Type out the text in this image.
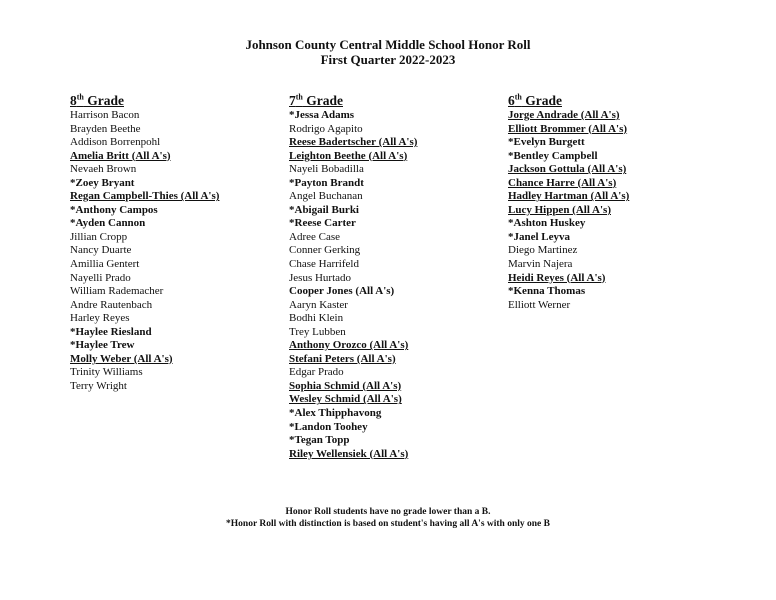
Johnson County Central Middle School Honor Roll
First Quarter 2022-2023
8th Grade
Harrison Bacon
Brayden Beethe
Addison Borrenpohl
Amelia Britt (All A's)
Nevaeh Brown
*Zoey Bryant
Regan Campbell-Thies (All A's)
*Anthony Campos
*Ayden Cannon
Jillian Cropp
Nancy Duarte
Amillia Gentert
Nayelli Prado
William Rademacher
Andre Rautenbach
Harley Reyes
*Haylee Riesland
*Haylee Trew
Molly Weber (All A's)
Trinity Williams
Terry Wright
7th Grade
*Jessa Adams
Rodrigo Agapito
Reese Badertscher (All A's)
Leighton Beethe (All A's)
Nayeli Bobadilla
*Payton Brandt
Angel Buchanan
*Abigail Burki
*Reese Carter
Adree Case
Conner Gerking
Chase Harrifeld
Jesus Hurtado
Cooper Jones (All A's)
Aaryn Kaster
Bodhi Klein
Trey Lubben
Anthony Orozco (All A's)
Stefani Peters (All A's)
Edgar Prado
Sophia Schmid (All A's)
Wesley Schmid (All A's)
*Alex Thipphavong
*Landon Toohey
*Tegan Topp
Riley Wellensiek (All A's)
6th Grade
Jorge Andrade (All A's)
Elliott Brommer (All A's)
*Evelyn Burgett
*Bentley Campbell
Jackson Gottula (All A's)
Chance Harre (All A's)
Hadley Hartman (All A's)
Lucy Hippen (All A's)
*Ashton Huskey
*Janel Leyva
Diego Martinez
Marvin Najera
Heidi Reyes (All A's)
*Kenna Thomas
Elliott Werner
Honor Roll students have no grade lower than a B.
*Honor Roll with distinction is based on student's having all A's with only one B
